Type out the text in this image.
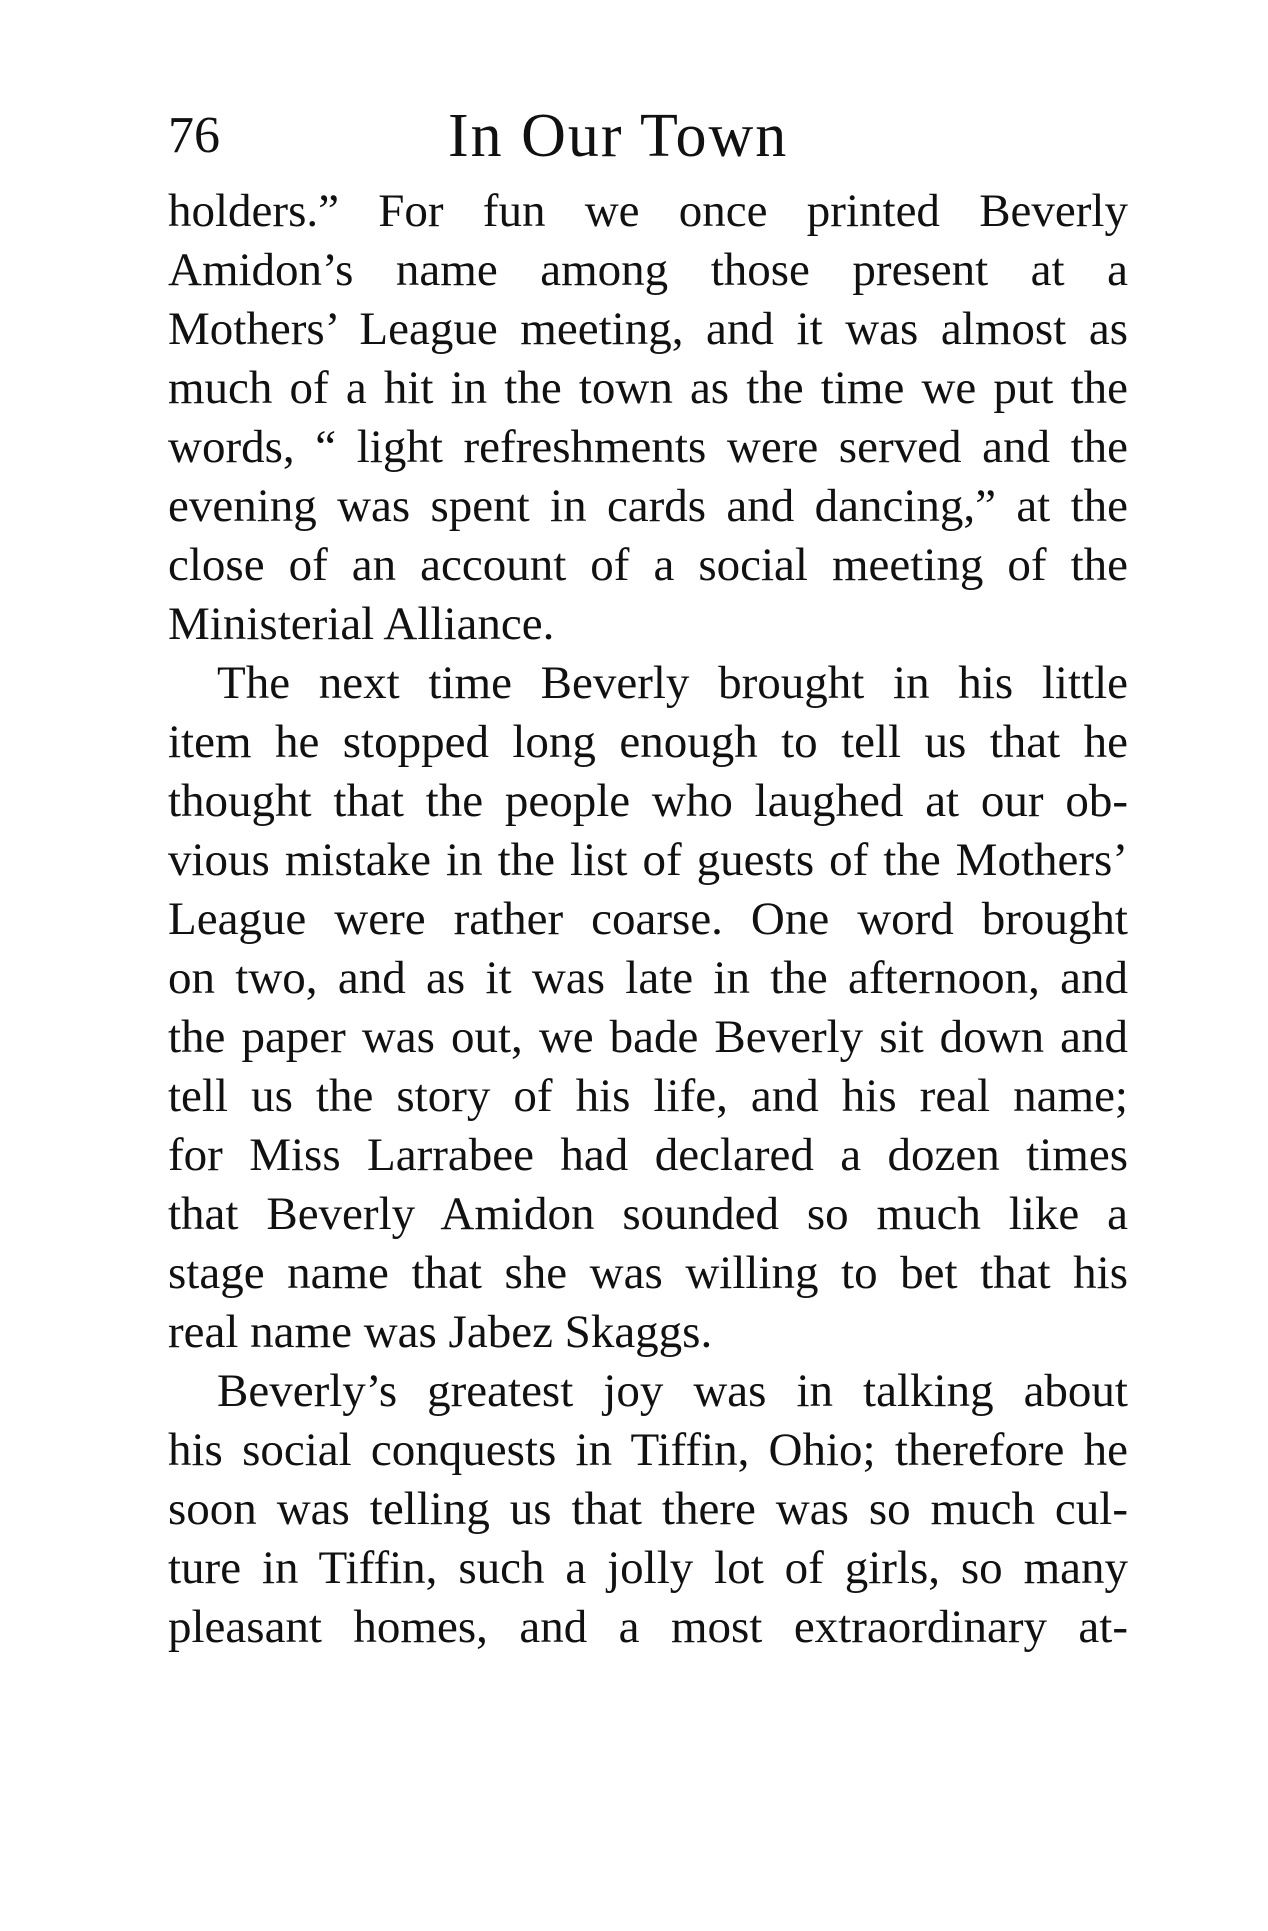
76	In Our Town

holders.” For fun we once printed Beverly
Amidon’s name among those present at a
Mothers’ League meeting, and it was almost as
much of a hit in the town as the time we put the
words, “ light refreshments were served and the
evening was spent in cards and dancing,” at the
close of an account of a social meeting of the
Ministerial Alliance.

The next time Beverly brought in his little
item he stopped long enough to tell us that he
thought that the people who laughed at our ob-
vious mistake in the list of guests of the Mothers’
League were rather coarse. One word brought
on two, and as it was late in the afternoon, and
the paper was out, we bade Beverly sit down and
tell us the story of his life, and his real name;
for Miss Larrabee had declared a dozen times
that Beverly Amidon sounded so much like a
stage name that she was willing to bet that his
real name was Jabez Skaggs.

Beverly’s greatest joy was in talking about
his social conquests in Tiffin, Ohio; therefore he
soon was telling us that there was so much cul-
ture in Tiffin, such a jolly lot of girls, so many
pleasant homes, and a most extraordinary at-
